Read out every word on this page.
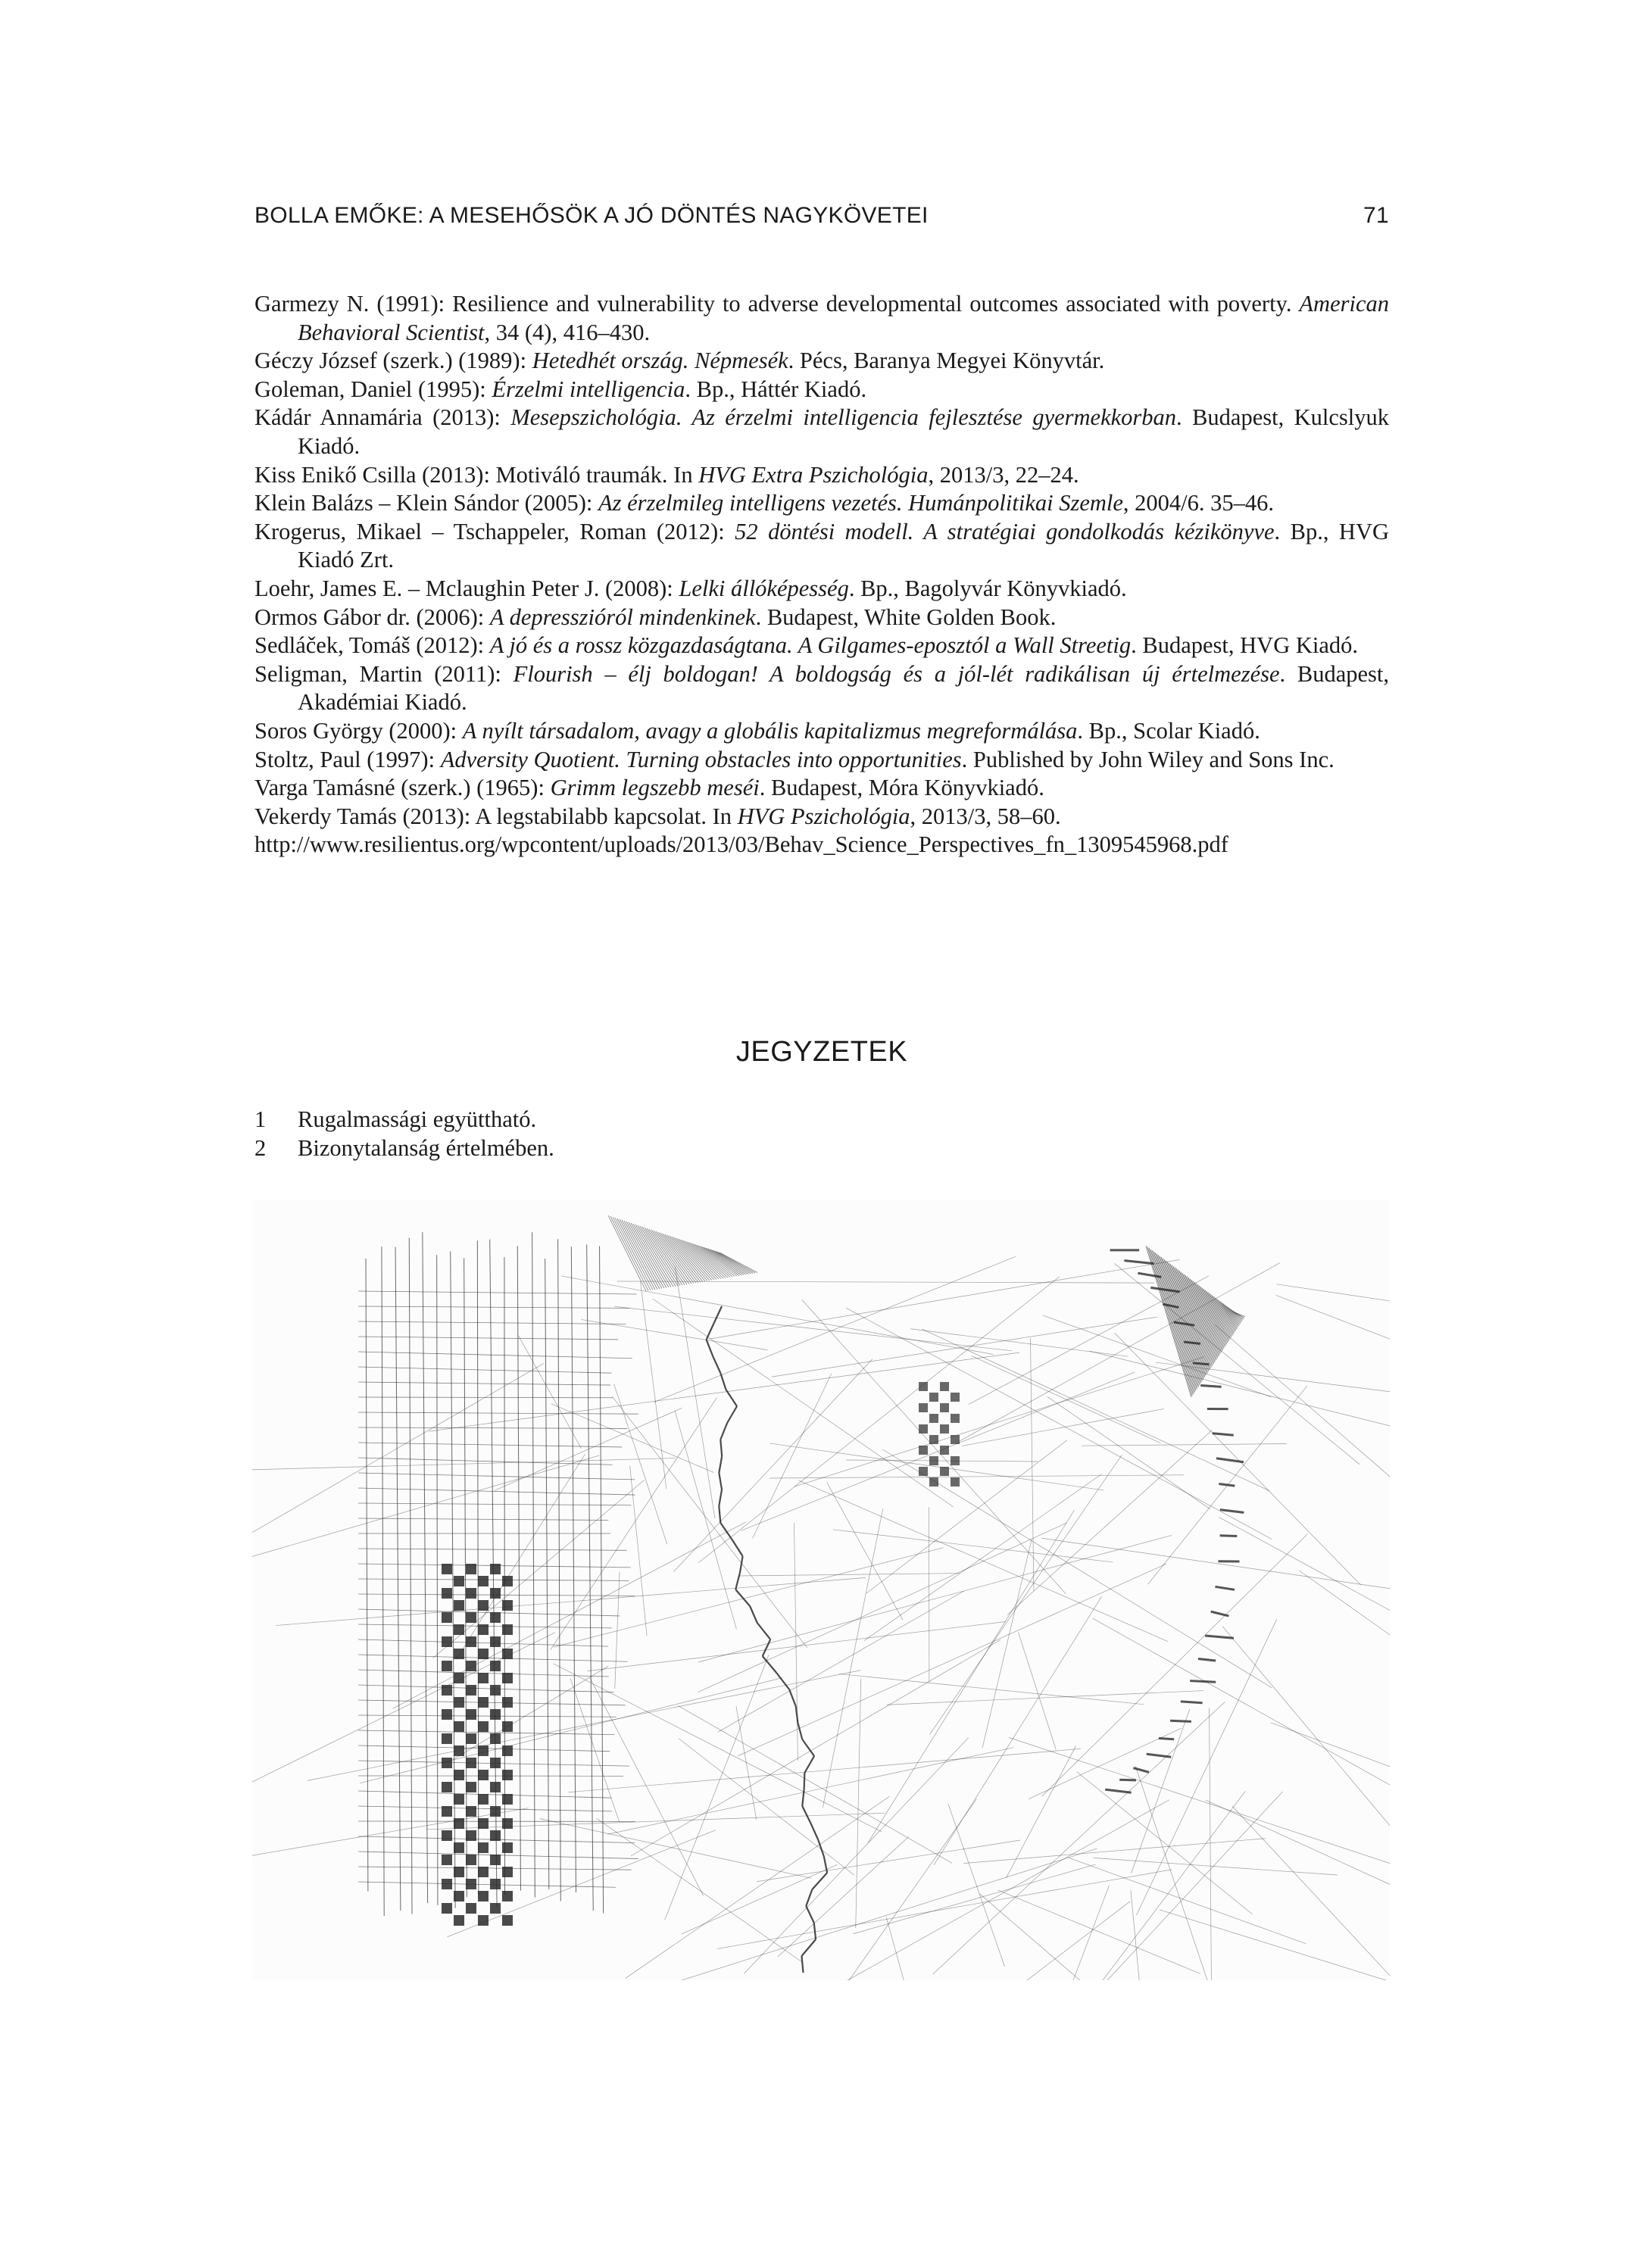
BOLLA EMŐKE: A MESEHŐSÖK A JÓ DÖNTÉS NAGYKÖVETEI	71

Garmezy N. (1991): Resilience and vulnerability to adverse developmental outcomes associated with poverty. American Behavioral Scientist, 34 (4), 416–430.

Géczy József (szerk.) (1989): Hetedhét ország. Népmesék. Pécs, Baranya Megyei Könyvtár.

Goleman, Daniel (1995): Érzelmi intelligencia. Bp., Háttér Kiadó.

Kádár Annamária (2013): Mesepszichológia. Az érzelmi intelligencia fejlesztése gyermekkorban. Budapest, Kulcslyuk Kiadó.

Kiss Enikő Csilla (2013): Motiváló traumák. In HVG Extra Pszichológia, 2013/3, 22–24.

Klein Balázs – Klein Sándor (2005): Az érzelmileg intelligens vezetés. Humánpolitikai Szemle, 2004/6. 35–46.

Krogerus, Mikael – Tschappeler, Roman (2012): 52 döntési modell. A stratégiai gondolkodás kézikönyve. Bp., HVG Kiadó Zrt.

Loehr, James E. – Mclaughin Peter J. (2008): Lelki állóképesség. Bp., Bagolyvár Könyvkiadó.

Ormos Gábor dr. (2006): A depresszióról mindenkinek. Budapest, White Golden Book.

Sedláček, Tomáš (2012): A jó és a rossz közgazdaságtana. A Gilgames-eposztól a Wall Streetig. Budapest, HVG Kiadó.

Seligman, Martin (2011): Flourish – élj boldogan! A boldogság és a jól-lét radikálisan új értelmezése. Budapest, Akadémiai Kiadó.

Soros György (2000): A nyílt társadalom, avagy a globális kapitalizmus megreformálása. Bp., Scolar Kiadó.

Stoltz, Paul (1997): Adversity Quotient. Turning obstacles into opportunities. Published by John Wiley and Sons Inc.

Varga Tamásné (szerk.) (1965): Grimm legszebb meséi. Budapest, Móra Könyvkiadó.

Vekerdy Tamás (2013): A legstabilabb kapcsolat. In HVG Pszichológia, 2013/3, 58–60.

http://www.resilientus.org/wpcontent/uploads/2013/03/Behav_Science_Perspectives_fn_1309545968.pdf

JEGYZETEK

1	Rugalmassági együttható.

2	Bizonytalanság értelmében.
